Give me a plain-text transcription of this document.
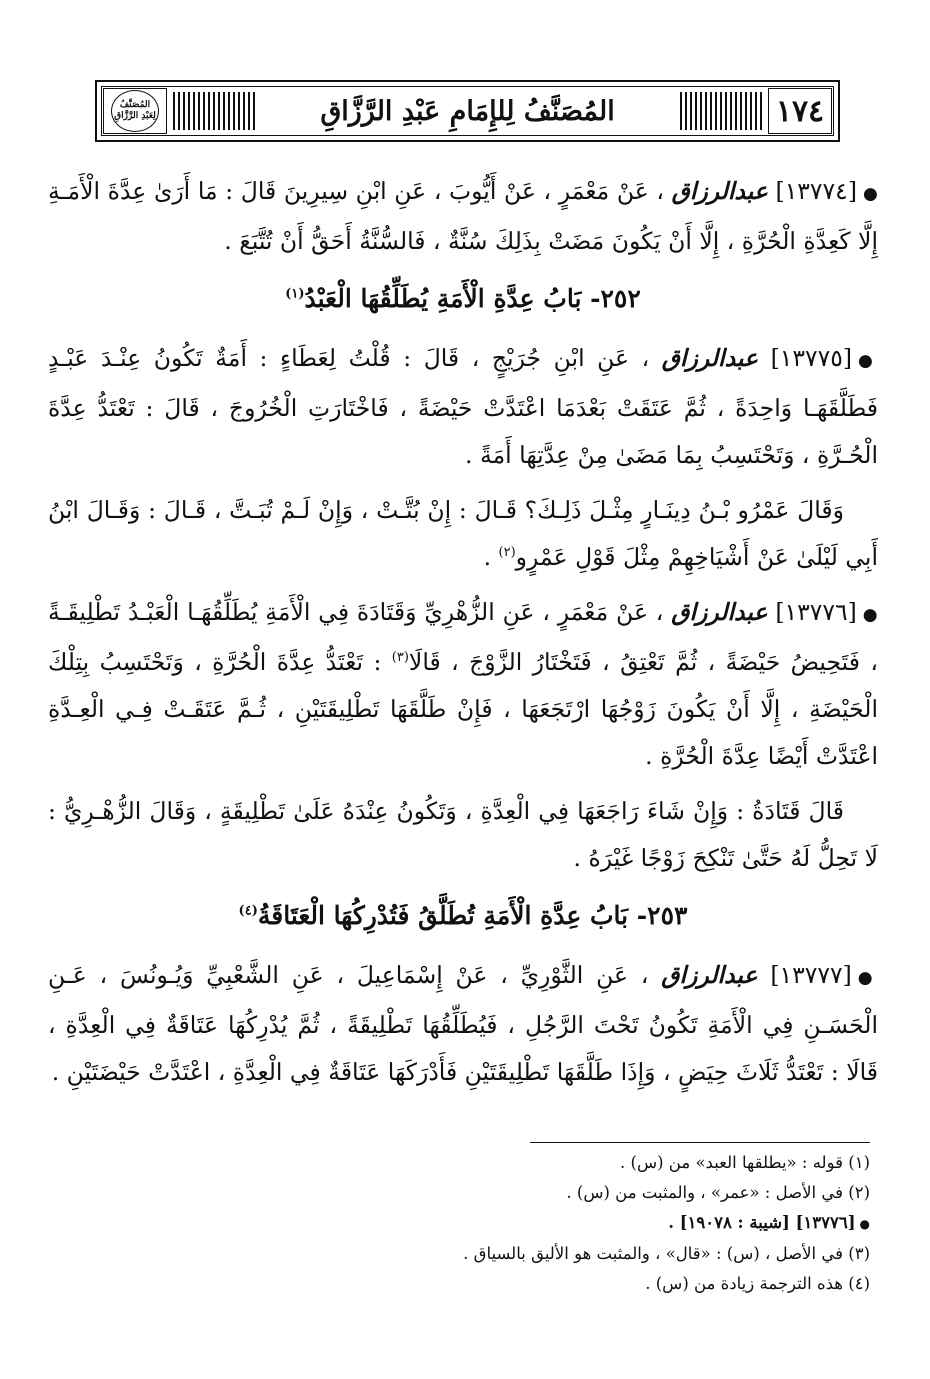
١٧٤
المُصَنَّفُ لِلإِمَامِ عَبْدِ الرَّزَّاقِ
المُصَنَّفُ
لِعَبْدِ الرَّزَّاقِ

●[١٣٧٧٤] عبدالرزاق ، عَنْ مَعْمَرٍ ، عَنْ أَيُّوبَ ، عَنِ ابْنِ سِيرِينَ قَالَ : مَا أَرَىٰ عِدَّةَ الْأَمَـةِ إِلَّا كَعِدَّةِ الْحُرَّةِ ، إِلَّا أَنْ يَكُونَ مَضَتْ بِذَلِكَ سُنَّةٌ ، فَالسُّنَّةُ أَحَقُّ أَنْ تُتَّبَعَ .

٢٥٢- بَابُ عِدَّةِ الْأَمَةِ يُطَلِّقُهَا الْعَبْدُ$^{(١)}$

●[١٣٧٧٥] عبدالرزاق ، عَنِ ابْنِ جُرَيْجٍ ، قَالَ : قُلْتُ لِعَطَاءٍ : أَمَةٌ تَكُونُ عِنْـدَ عَبْـدٍ فَطَلَّقَهَـا وَاحِدَةً ، ثُمَّ عَتَقَتْ بَعْدَمَا اعْتَدَّتْ حَيْضَةً ، فَاخْتَارَتِ الْخُرُوجَ ، قَالَ : تَعْتَدُّ عِدَّةَ الْحُـرَّةِ ، وَتَحْتَسِبُ بِمَا مَضَىٰ مِنْ عِدَّتِهَا أَمَةً .

وَقَالَ عَمْرُو بْـنُ دِينَـارٍ مِثْـلَ ذَلِـكَ؟ قَـالَ : إِنْ بُتَّـتْ ، وَإِنْ لَـمْ تُبَـتَّ ، قَـالَ : وَقَـالَ ابْنُ أَبِي لَيْلَىٰ عَنْ أَشْيَاخِهِمْ مِثْلَ قَوْلِ عَمْرٍو$^{(٢)}$ .

●[١٣٧٧٦] عبدالرزاق ، عَنْ مَعْمَرٍ ، عَنِ الزُّهْرِيِّ وَقَتَادَةَ فِي الْأَمَةِ يُطَلِّقُهَـا الْعَبْـدُ تَطْلِيقَـةً ، فَتَحِيضُ حَيْضَةً ، ثُمَّ تَعْتِقُ ، فَتَخْتَارُ الزَّوْجَ ، قَالَا$^{(٣)}$ : تَعْتَدُّ عِدَّةَ الْحُرَّةِ ، وَتَحْتَسِبُ بِتِلْكَ الْحَيْضَةِ ، إِلَّا أَنْ يَكُونَ زَوْجُهَا ارْتَجَعَهَا ، فَإِنْ طَلَّقَهَا تَطْلِيقَتَيْنِ ، ثُـمَّ عَتَقَـتْ فِـي الْعِـدَّةِ اعْتَدَّتْ أَيْضًا عِدَّةَ الْحُرَّةِ .

قَالَ قَتَادَةُ : وَإِنْ شَاءَ رَاجَعَهَا فِي الْعِدَّةِ ، وَتَكُونُ عِنْدَهُ عَلَىٰ تَطْلِيقَةٍ ، وَقَالَ الزُّهْـرِيُّ : لَا تَحِلُّ لَهُ حَتَّىٰ تَنْكِحَ زَوْجًا غَيْرَهُ .

٢٥٣- بَابُ عِدَّةِ الْأَمَةِ تُطَلَّقُ فَتُدْرِكُهَا الْعَتَاقَةُ$^{(٤)}$

●[١٣٧٧٧] عبدالرزاق ، عَنِ الثَّوْرِيِّ ، عَنْ إِسْمَاعِيلَ ، عَنِ الشَّعْبِيِّ وَيُـونُسَ ، عَـنِ الْحَسَـنِ فِي الْأَمَةِ تَكُونُ تَحْتَ الرَّجُلِ ، فَيُطَلِّقُهَا تَطْلِيقَةً ، ثُمَّ يُدْرِكُهَا عَتَاقَةٌ فِي الْعِدَّةِ ، قَالَا : تَعْتَدُّ ثَلَاثَ حِيَضٍ ، وَإِذَا طَلَّقَهَا تَطْلِيقَتَيْنِ فَأَدْرَكَهَا عَتَاقَةٌ فِي الْعِدَّةِ ، اعْتَدَّتْ حَيْضَتَيْنِ .

(١) قوله : «يطلقها العبد» من (س) .

(٢) في الأصل : «عمر» ، والمثبت من (س) .

●[١٣٧٧٦] [شيبة : ١٩٠٧٨] .

(٣) في الأصل ، (س) : «قال» ، والمثبت هو الأليق بالسياق .

(٤) هذه الترجمة زيادة من (س) .
